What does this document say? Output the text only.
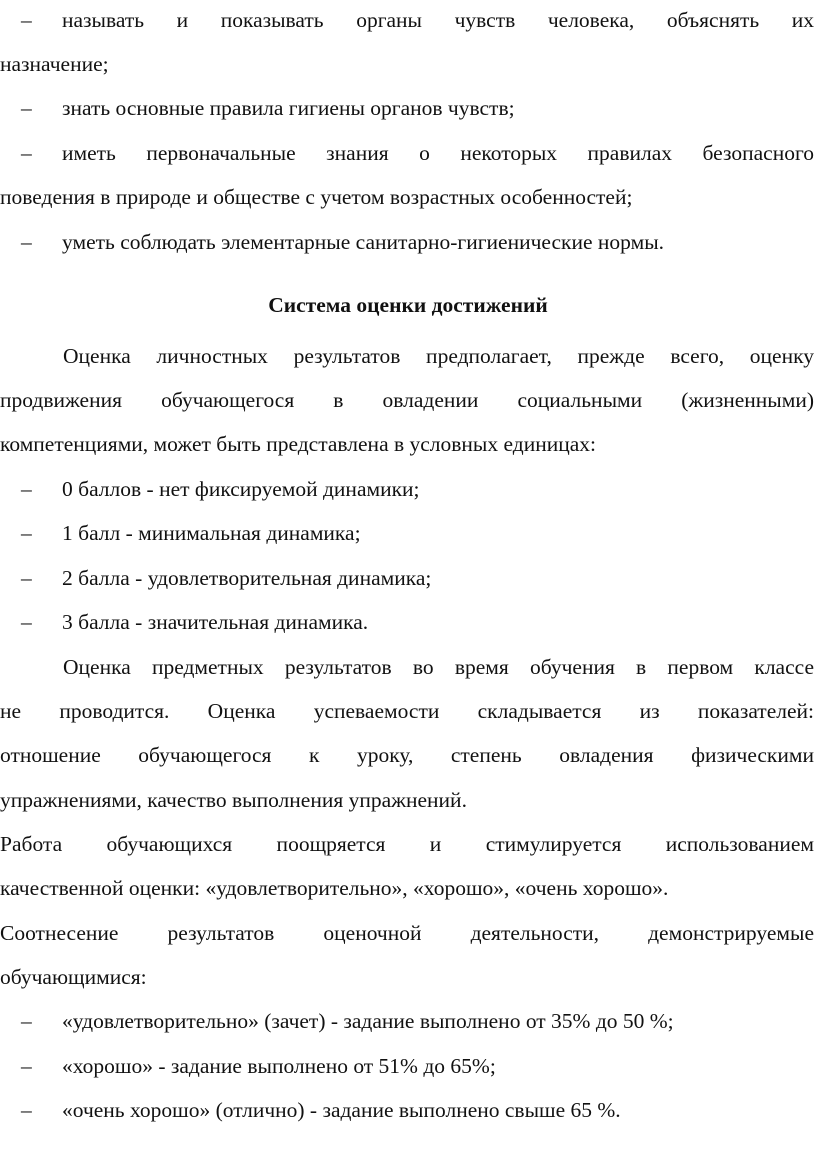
– называть и показывать органы чувств человека, объяснять их
назначение;
– знать основные правила гигиены органов чувств;
– иметь первоначальные знания о некоторых правилах безопасного
поведения в природе и обществе с учетом возрастных особенностей;
– уметь соблюдать элементарные санитарно-гигиенические нормы.
Система оценки достижений
Оценка личностных результатов предполагает, прежде всего, оценку
продвижения обучающегося в овладении социальными (жизненными)
компетенциями, может быть представлена в условных единицах:
– 0 баллов - нет фиксируемой динамики;
– 1 балл - минимальная динамика;
– 2 балла - удовлетворительная динамика;
– 3 балла - значительная динамика.
Оценка предметных результатов во время обучения в первом классе
не проводится. Оценка успеваемости складывается из показателей:
отношение обучающегося к уроку, степень овладения физическими
упражнениями, качество выполнения упражнений.
Работа обучающихся поощряется и стимулируется использованием
качественной оценки: «удовлетворительно», «хорошо», «очень хорошо».
Соотнесение результатов оценочной деятельности, демонстрируемые
обучающимися:
– «удовлетворительно» (зачет) - задание выполнено от 35% до 50 %;
– «хорошо» - задание выполнено от 51% до 65%;
– «очень хорошо» (отлично) - задание выполнено свыше 65 %.
